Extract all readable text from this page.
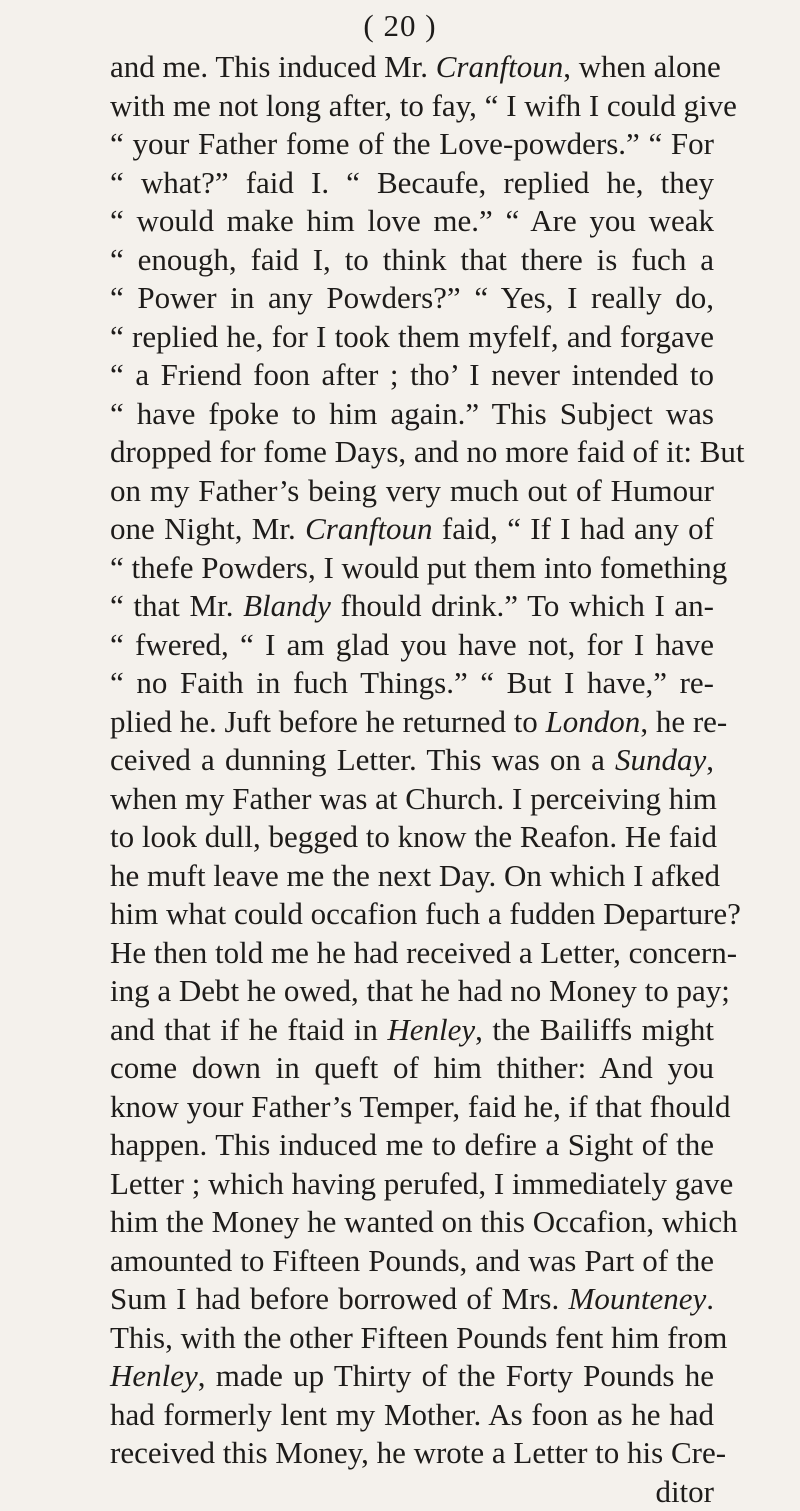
( 20 )
and me. This induced Mr. Cranftoun, when alone
with me not long after, to fay, “ I wifh I could give
“ your Father fome of the Love-powders.” “ For
“ what?” faid I. “ Becaufe, replied he, they
“ would make him love me.” “ Are you weak
“ enough, faid I, to think that there is fuch a
“ Power in any Powders?” “ Yes, I really do,
“ replied he, for I took them myfelf, and forgave
“ a Friend foon after ; tho’ I never intended to
“ have fpoke to him again.” This Subject was
dropped for fome Days, and no more faid of it: But
on my Father’s being very much out of Humour
one Night, Mr. Cranftoun faid, “ If I had any of
“ thefe Powders, I would put them into fomething
“ that Mr. Blandy fhould drink.” To which I an-
“ fwered, “ I am glad you have not, for I have
“ no Faith in fuch Things.” “ But I have,” re-
plied he. Juft before he returned to London, he re-
ceived a dunning Letter. This was on a Sunday,
when my Father was at Church. I perceiving him
to look dull, begged to know the Reafon. He faid
he muft leave me the next Day. On which I afked
him what could occafion fuch a fudden Departure?
He then told me he had received a Letter, concern-
ing a Debt he owed, that he had no Money to pay;
and that if he ftaid in Henley, the Bailiffs might
come down in queft of him thither: And you
know your Father’s Temper, faid he, if that fhould
happen. This induced me to defire a Sight of the
Letter ; which having perufed, I immediately gave
him the Money he wanted on this Occafion, which
amounted to Fifteen Pounds, and was Part of the
Sum I had before borrowed of Mrs. Mounteney.
This, with the other Fifteen Pounds fent him from
Henley, made up Thirty of the Forty Pounds he
had formerly lent my Mother. As foon as he had
received this Money, he wrote a Letter to his Cre-
ditor
